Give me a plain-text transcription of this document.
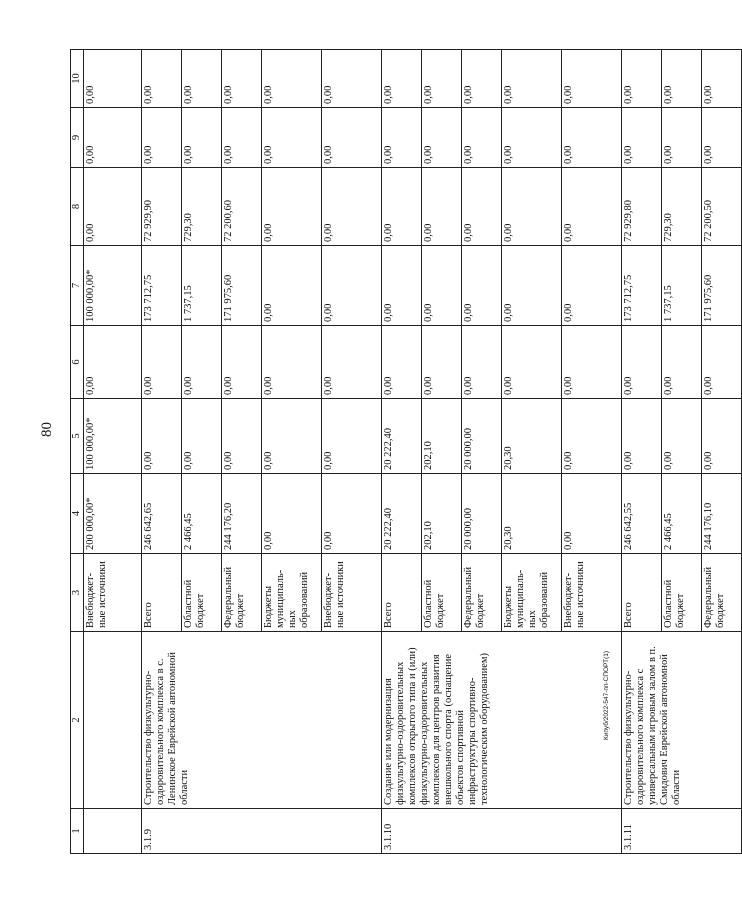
80
Кипуб/2022-547-пп-СПОРТ(1)
1	2	3	4	5	6	7	8	9	10
		Внебюджет-ные источники	200 000,00*	100 000,00*	0,00	100 000,00*	0,00	0,00	0,00
3.1.9	Строительство физкультурно-оздоровительного комплекса в с. Ленинское Еврейской автономной области	Всего	246 642,65	0,00	0,00	173 712,75	72 929,90	0,00	0,00
		Областной бюджет	2 466,45	0,00	0,00	1 737,15	729,30	0,00	0,00
		Федеральный бюджет	244 176,20	0,00	0,00	171 975,60	72 200,60	0,00	0,00
		Бюджеты муниципаль-ных образований	0,00	0,00	0,00	0,00	0,00	0,00	0,00
		Внебюджет-ные источники	0,00	0,00	0,00	0,00	0,00	0,00	0,00
3.1.10	Создание или модернизация физкультурно-оздоровительных комплексов открытого типа и (или) физкультурно-оздоровительных комплексов для центров развития внешкольного спорта (оснащение объектов спортивной инфраструктуры спортивно-технологическим оборудованием)	Всего	20 222,40	20 222,40	0,00	0,00	0,00	0,00	0,00
		Областной бюджет	202,10	202,10	0,00	0,00	0,00	0,00	0,00
		Федеральный бюджет	20 000,00	20 000,00	0,00	0,00	0,00	0,00	0,00
		Бюджеты муниципаль-ных образований	20,30	20,30	0,00	0,00	0,00	0,00	0,00
		Внебюджет-ные источники	0,00	0,00	0,00	0,00	0,00	0,00	0,00
3.1.11	Строительство физкультурно-оздоровительного комплекса с универсальным игровым залом в п. Смидович Еврейской автономной области	Всего	246 642,55	0,00	0,00	173 712,75	72 929,80	0,00	0,00
		Областной бюджет	2 466,45	0,00	0,00	1 737,15	729,30	0,00	0,00
		Федеральный бюджет	244 176,10	0,00	0,00	171 975,60	72 200,50	0,00	0,00
